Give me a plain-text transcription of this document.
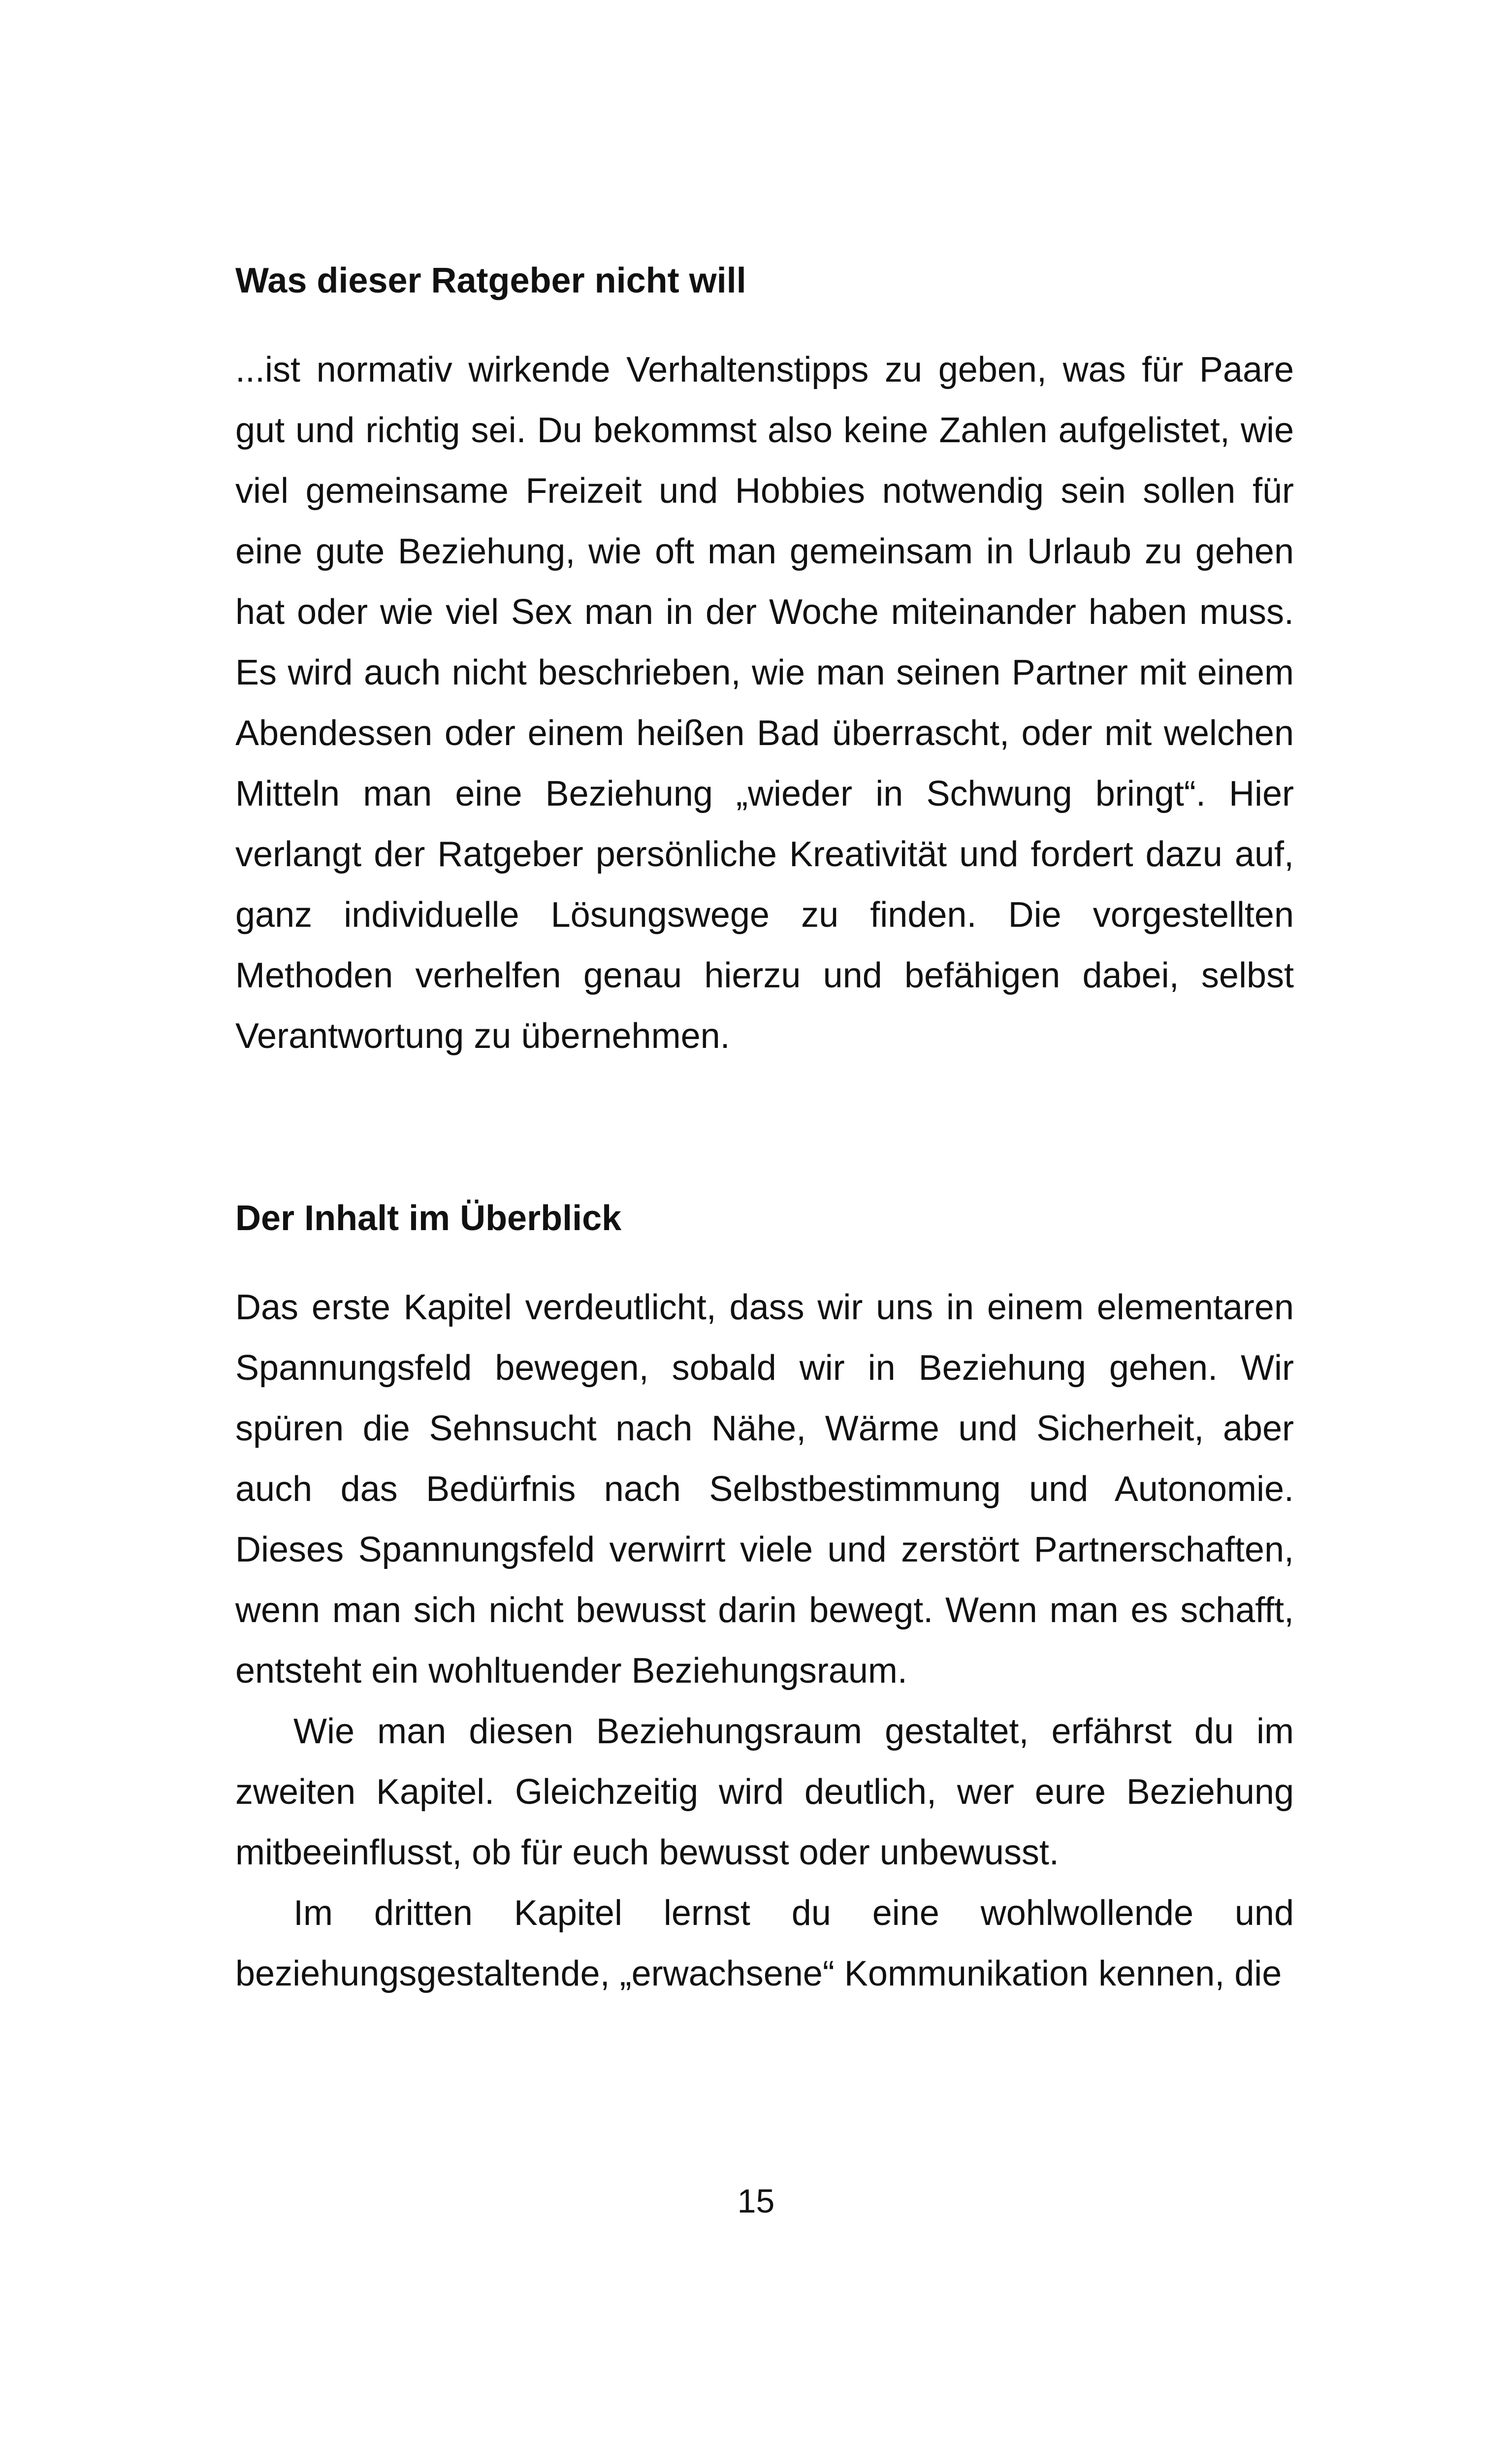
Was dieser Ratgeber nicht will

...ist normativ wirkende Verhaltenstipps zu geben, was für Paare gut und richtig sei. Du bekommst also keine Zahlen aufgelistet, wie viel gemeinsame Freizeit und Hobbies notwendig sein sollen für eine gute Beziehung, wie oft man gemeinsam in Urlaub zu gehen hat oder wie viel Sex man in der Woche miteinander haben muss. Es wird auch nicht beschrieben, wie man seinen Partner mit einem Abendessen oder einem heißen Bad überrascht, oder mit welchen Mitteln man eine Beziehung „wieder in Schwung bringt“. Hier verlangt der Ratgeber persönliche Kreativität und fordert dazu auf, ganz individuelle Lösungswege zu finden. Die vorgestellten Methoden verhelfen genau hierzu und befähigen dabei, selbst Verantwortung zu übernehmen.

Der Inhalt im Überblick

Das erste Kapitel verdeutlicht, dass wir uns in einem elementaren Spannungsfeld bewegen, sobald wir in Beziehung gehen. Wir spüren die Sehnsucht nach Nähe, Wärme und Sicherheit, aber auch das Bedürfnis nach Selbstbestimmung und Autonomie. Dieses Spannungsfeld verwirrt viele und zerstört Partnerschaften, wenn man sich nicht bewusst darin bewegt. Wenn man es schafft, entsteht ein wohltuender Beziehungsraum.

Wie man diesen Beziehungsraum gestaltet, erfährst du im zweiten Kapitel. Gleichzeitig wird deutlich, wer eure Beziehung mitbeeinflusst, ob für euch bewusst oder unbewusst.

Im dritten Kapitel lernst du eine wohlwollende und beziehungsgestaltende, „erwachsene“ Kommunikation kennen, die

15
